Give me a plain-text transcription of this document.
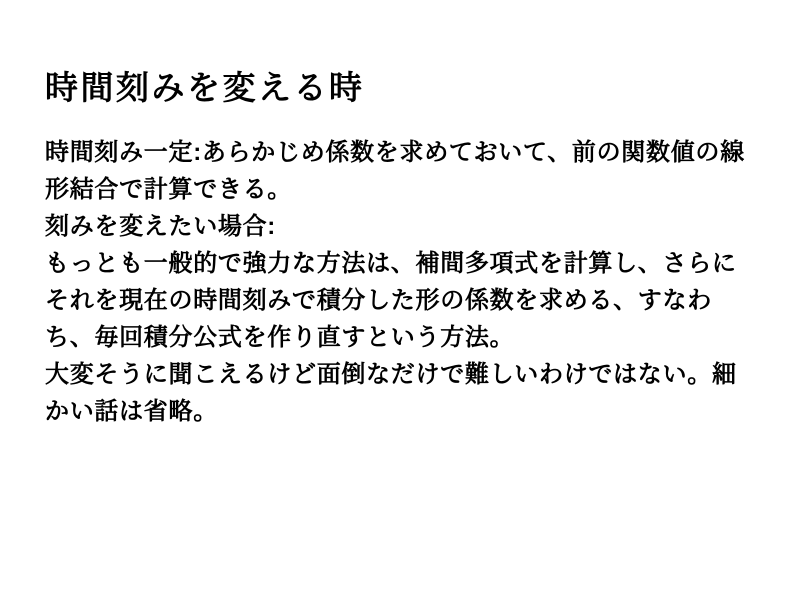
時間刻みを変える時

時間刻み一定:あらかじめ係数を求めておいて、前の関数値の線形結合で計算できる。

刻みを変えたい場合:

もっとも一般的で強力な方法は、補間多項式を計算し、さらにそれを現在の時間刻みで積分した形の係数を求める、すなわち、毎回積分公式を作り直すという方法。

大変そうに聞こえるけど面倒なだけで難しいわけではない。細かい話は省略。
